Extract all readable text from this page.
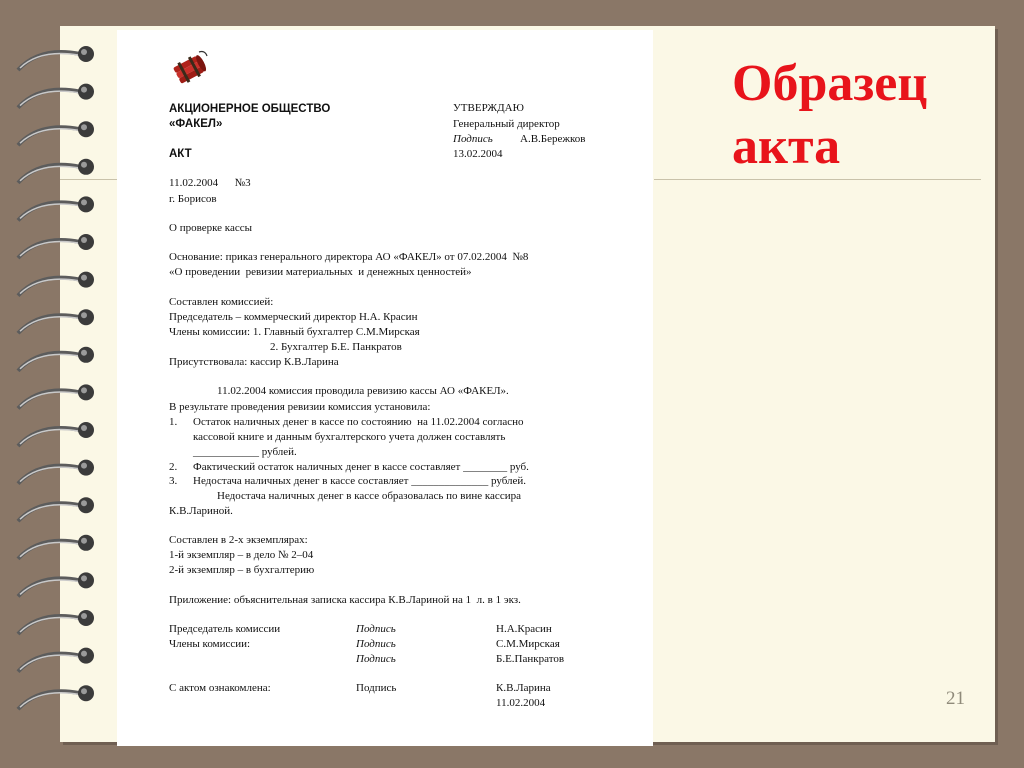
Образец
акта
21
АКЦИОНЕРНОЕ ОБЩЕСТВО
«ФАКЕЛ»
АКТ
11.02.2004      №3
г. Борисов
УТВЕРЖДАЮ
Генеральный директор
Подпись А.В.Бережков
13.02.2004
О проверке кассы
Основание: приказ генерального директора АО «ФАКЕЛ» от 07.02.2004  №8
«О проведении  ревизии материальных  и денежных ценностей»
Составлен комиссией:
Председатель – коммерческий директор Н.А. Красин
Члены комиссии: 1. Главный бухгалтер С.М.Мирская
2. Бухгалтер Б.Е. Панкратов
Присутствовала: кассир К.В.Ларина
11.02.2004 комиссия проводила ревизию кассы АО «ФАКЕЛ».
В результате проведения ревизии комиссия установила:
1. Остаток наличных денег в кассе по состоянию  на 11.02.2004 согласно
кассовой книге и данным бухгалтерского учета должен составлять
____________ рублей.
2. Фактический остаток наличных денег в кассе составляет ________ руб.
3. Недостача наличных денег в кассе составляет ______________ рублей.
Недостача наличных денег в кассе образовалась по вине кассира
К.В.Лариной.
Составлен в 2-х экземплярах:
1-й экземпляр – в дело № 2–04
2-й экземпляр – в бухгалтерию
Приложение: объяснительная записка кассира К.В.Лариной на 1  л. в 1 экз.
Председатель комиссии
Члены комиссии:
Подпись
Подпись
Подпись
Н.А.Красин
С.М.Мирская
Б.Е.Панкратов
С актом ознакомлена:	Подпись	К.В.Ларина
11.02.2004
